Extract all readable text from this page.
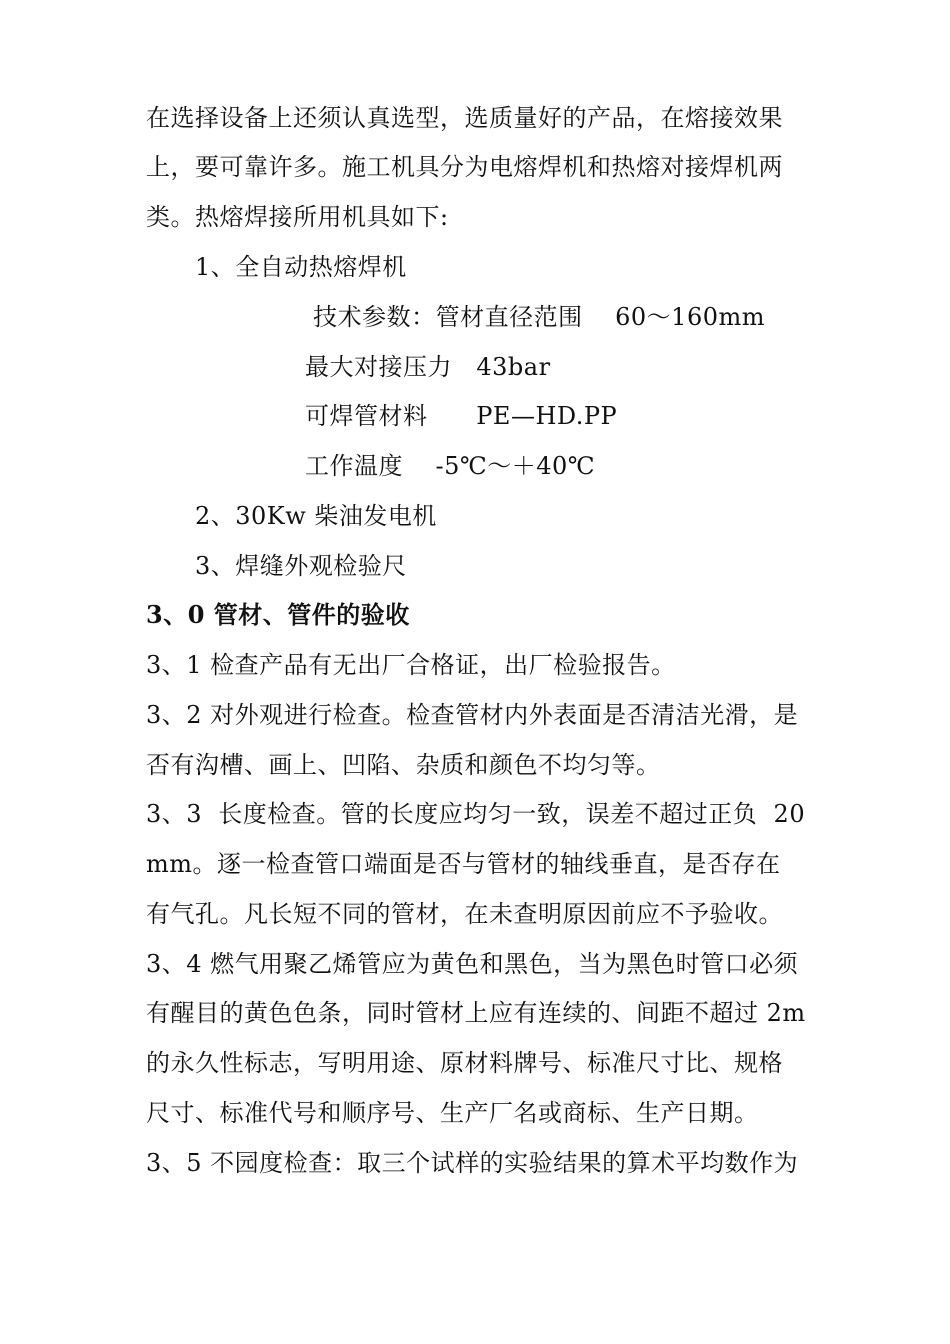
在选择设备上还须认真选型，选质量好的产品，在熔接效果
上，要可靠许多。施工机具分为电熔焊机和热熔对接焊机两
类。热熔焊接所用机具如下:
1、全自动热熔焊机
技术参数：管材直径范围    60～160mm
最大对接压力   43bar
可焊管材料      PE—HD.PP
工作温度    -5℃～＋40℃
2、30Kw 柴油发电机
3、焊缝外观检验尺
3、0 管材、管件的验收
3、1 检查产品有无出厂合格证，出厂检验报告。
3、2 对外观进行检查。检查管材内外表面是否清洁光滑，是
否有沟槽、画上、凹陷、杂质和颜色不均匀等。
3、3  长度检查。管的长度应均匀一致，误差不超过正负  20
mm。逐一检查管口端面是否与管材的轴线垂直，是否存在
有气孔。凡长短不同的管材，在未查明原因前应不予验收。
3、4 燃气用聚乙烯管应为黄色和黑色，当为黑色时管口必须
有醒目的黄色色条，同时管材上应有连续的、间距不超过 2m
的永久性标志，写明用途、原材料牌号、标准尺寸比、规格
尺寸、标准代号和顺序号、生产厂名或商标、生产日期。
3、5 不园度检查：取三个试样的实验结果的算术平均数作为
